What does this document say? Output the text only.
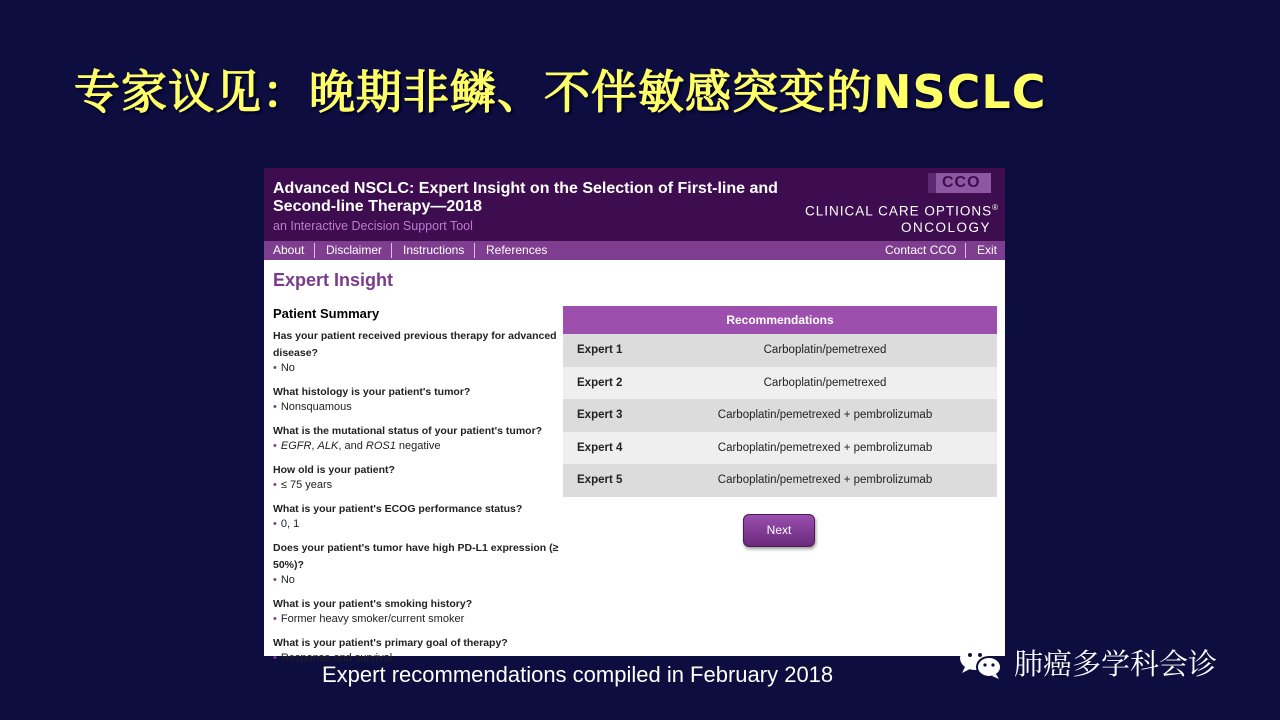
专家议见：晚期非鳞、不伴敏感突变的NSCLC
Advanced NSCLC: Expert Insight on the Selection of First-line and Second-line Therapy—2018
an Interactive Decision Support Tool
CCO
CLINICAL CARE OPTIONS®
ONCOLOGY
About Disclaimer Instructions References	Contact CCO Exit
Expert Insight
Patient Summary
Has your patient received previous therapy for advanced disease?
• No
What histology is your patient's tumor?
• Nonsquamous
What is the mutational status of your patient's tumor?
• EGFR, ALK, and ROS1 negative
How old is your patient?
• ≤ 75 years
What is your patient's ECOG performance status?
• 0, 1
Does your patient's tumor have high PD-L1 expression (≥ 50%)?
• No
What is your patient's smoking history?
• Former heavy smoker/current smoker
What is your patient's primary goal of therapy?
• Response and survival
Recommendations
Expert 1	Carboplatin/pemetrexed
Expert 2	Carboplatin/pemetrexed
Expert 3	Carboplatin/pemetrexed + pembrolizumab
Expert 4	Carboplatin/pemetrexed + pembrolizumab
Expert 5	Carboplatin/pemetrexed + pembrolizumab
Next
Expert recommendations compiled in February 2018	肺癌多学科会诊
